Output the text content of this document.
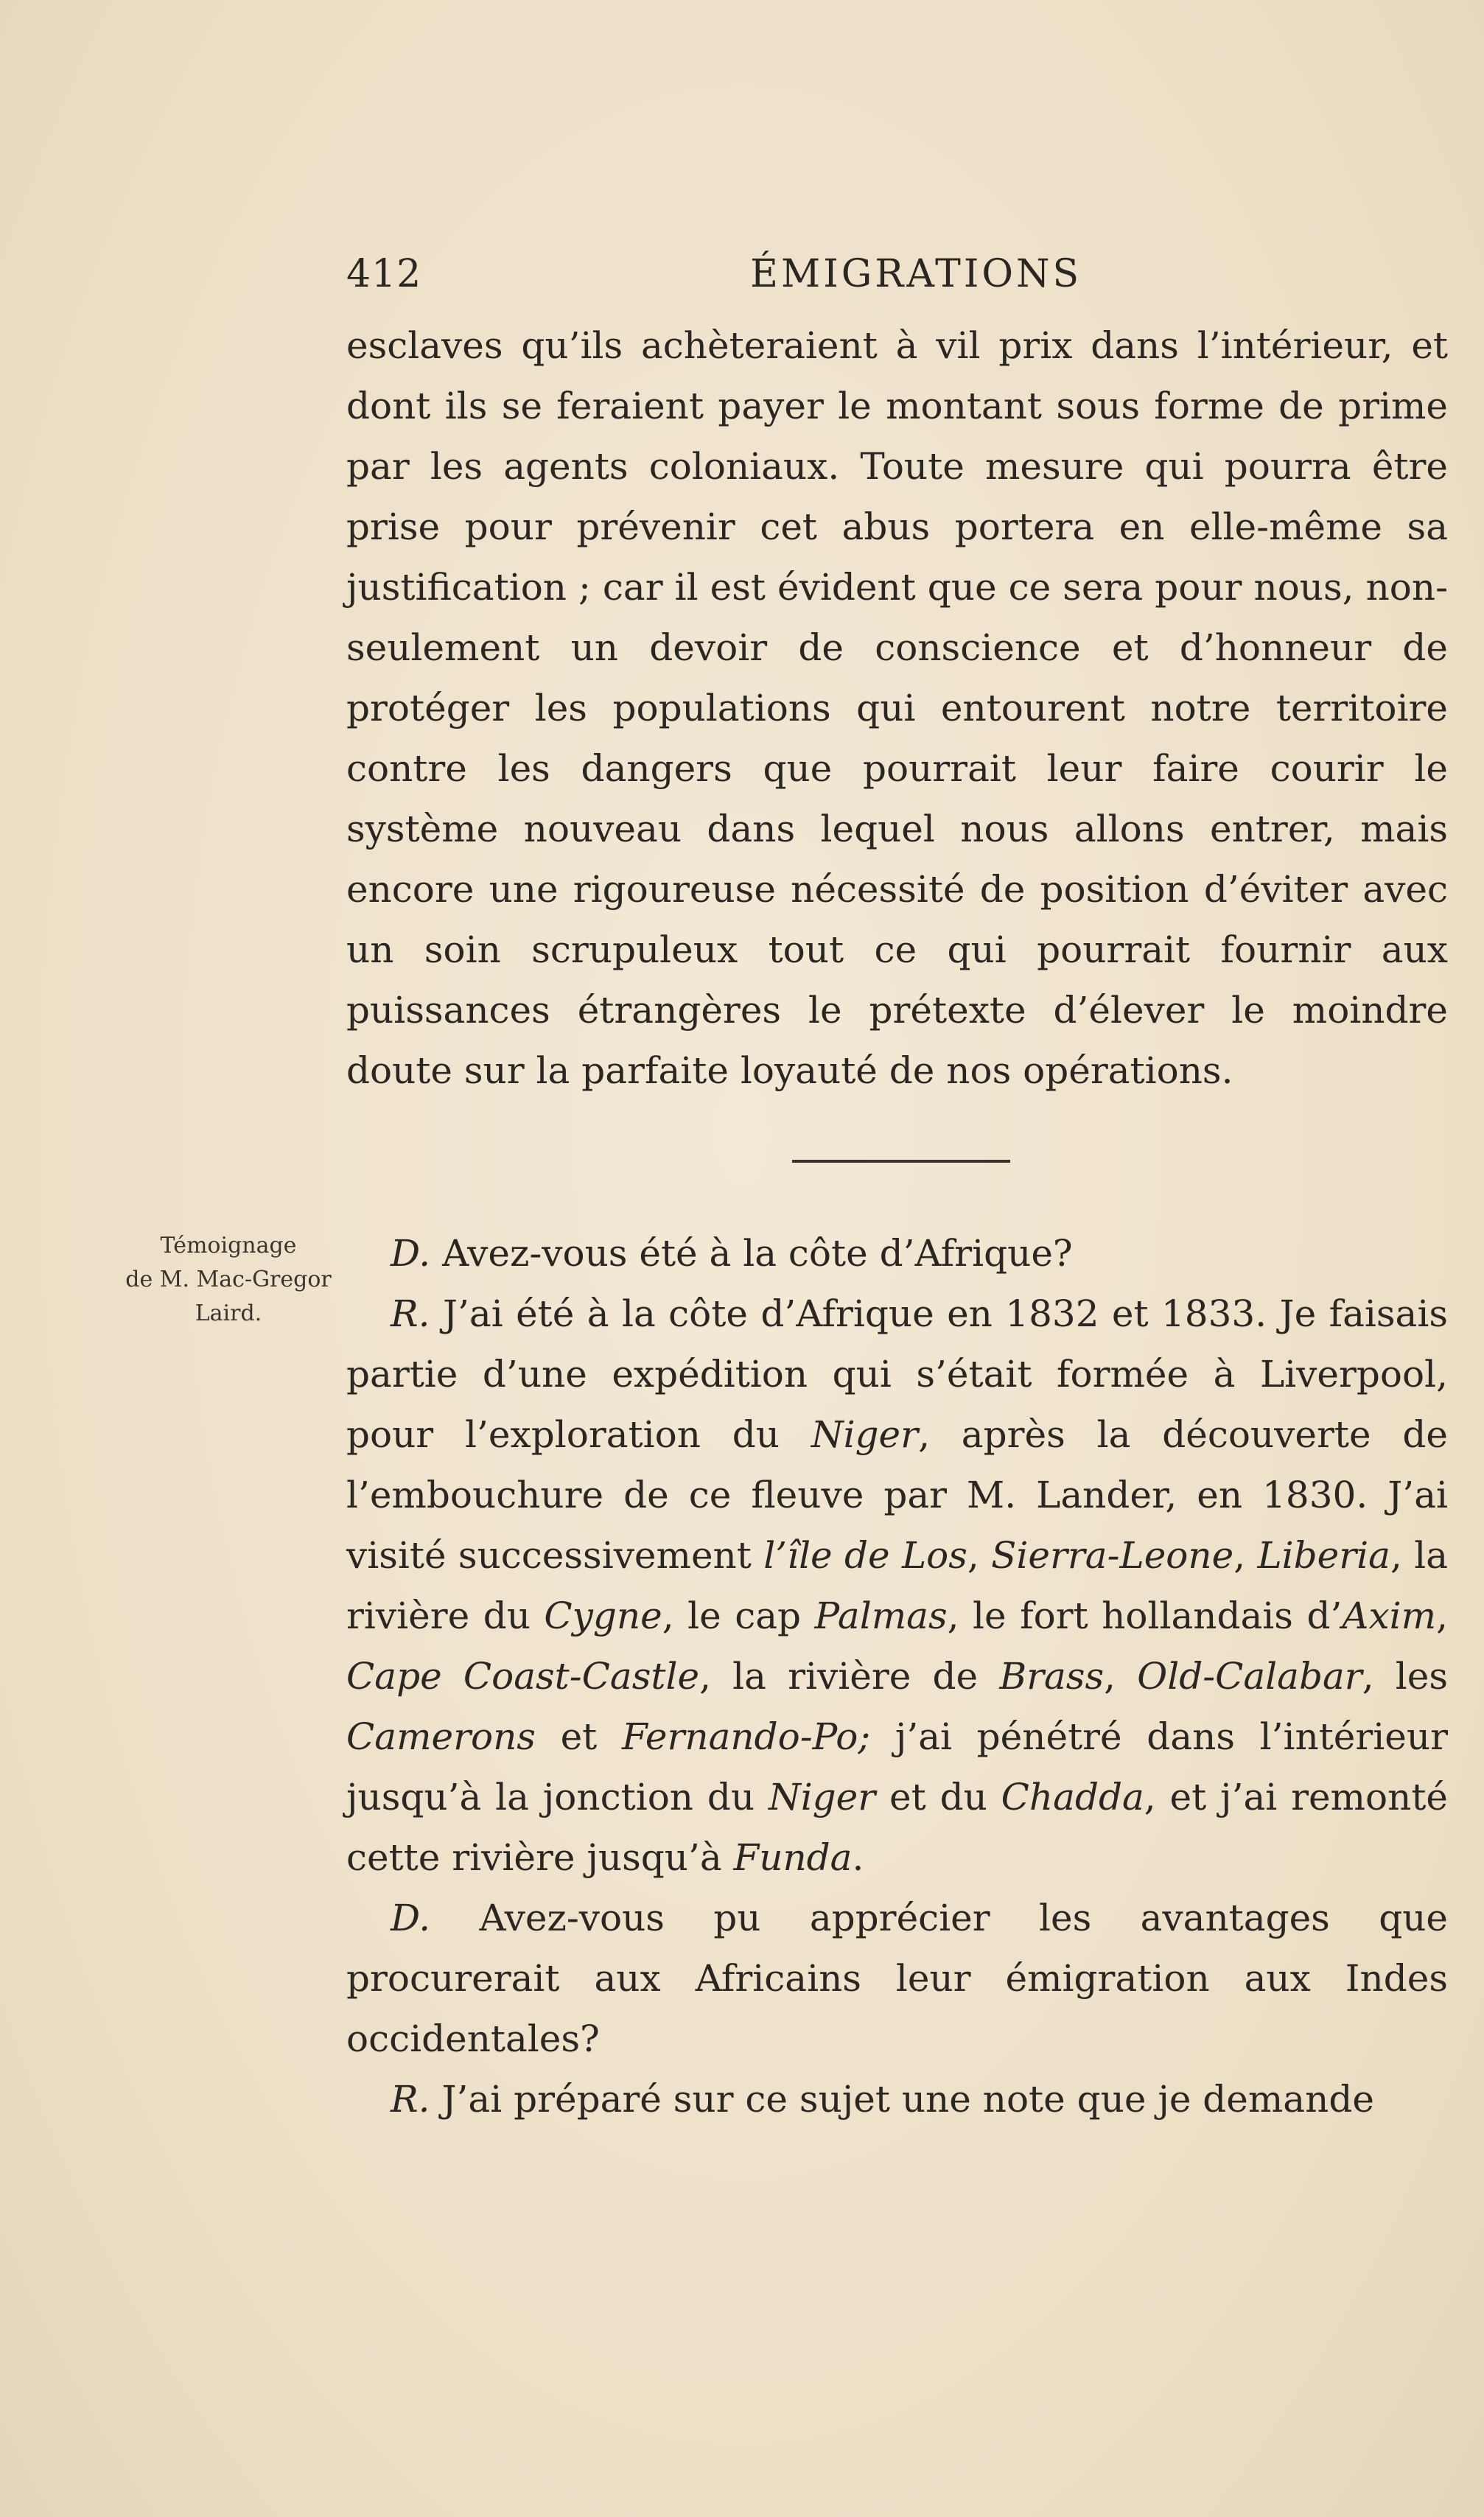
412	ÉMIGRATIONS
esclaves qu’ils achèteraient à vil prix dans l’intérieur, et dont ils se feraient payer le montant sous forme de prime par les agents coloniaux. Toute mesure qui pourra être prise pour prévenir cet abus portera en elle-même sa justification ; car il est évident que ce sera pour nous, non-seulement un devoir de conscience et d’honneur de protéger les populations qui entourent notre territoire contre les dangers que pourrait leur faire courir le système nouveau dans lequel nous allons entrer, mais encore une rigoureuse nécessité de position d’éviter avec un soin scrupuleux tout ce qui pourrait fournir aux puissances étrangères le prétexte d’élever le moindre doute sur la parfaite loyauté de nos opérations.
Témoignage
de M. Mac-Gregor
Laird.

D. Avez-vous été à la côte d’Afrique?

R. J’ai été à la côte d’Afrique en 1832 et 1833. Je faisais partie d’une expédition qui s’était formée à Liverpool, pour l’exploration du Niger, après la découverte de l’embouchure de ce fleuve par M. Lander, en 1830. J’ai visité successivement l’île de Los, Sierra-Leone, Liberia, la rivière du Cygne, le cap Palmas, le fort hollandais d’Axim, Cape Coast-Castle, la rivière de Brass, Old-Calabar, les Camerons et Fernando-Po; j’ai pénétré dans l’intérieur jusqu’à la jonction du Niger et du Chadda, et j’ai remonté cette rivière jusqu’à Funda.

D. Avez-vous pu apprécier les avantages que procurerait aux Africains leur émigration aux Indes occidentales?

R. J’ai préparé sur ce sujet une note que je demande
